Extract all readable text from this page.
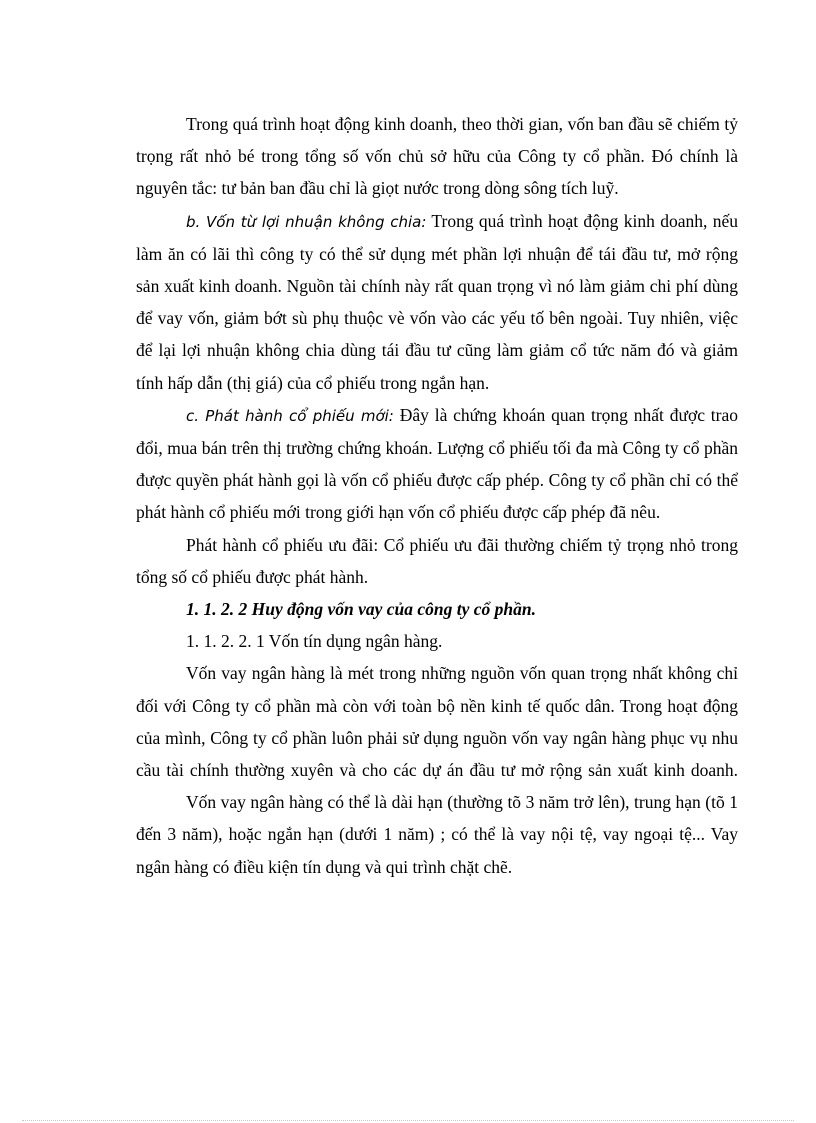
Trong quá trình hoạt động kinh doanh, theo thời gian, vốn ban đầu sẽ chiếm tỷ trọng rất nhỏ bé trong tổng số vốn chủ sở hữu của Công ty cổ phần. Đó chính là nguyên tắc: tư bản ban đầu chỉ là giọt nước trong dòng sông tích luỹ.

b. Vốn từ lợi nhuận không chia: Trong quá trình hoạt động kinh doanh, nếu làm ăn có lãi thì công ty có thể sử dụng mét phần lợi nhuận để tái đầu tư, mở rộng sản xuất kinh doanh. Nguồn tài chính này rất quan trọng vì nó làm giảm chi phí dùng để vay vốn, giảm bớt sù phụ thuộc vè vốn vào các yếu tố bên ngoài. Tuy nhiên, việc để lại lợi nhuận không chia dùng tái đầu tư cũng làm giảm cổ tức năm đó và giảm tính hấp dẫn (thị giá) của cổ phiếu trong ngắn hạn.

c. Phát hành cổ phiếu mới: Đây là chứng khoán quan trọng nhất được trao đổi, mua bán trên thị trường chứng khoán. Lượng cổ phiếu tối đa mà Công ty cổ phần được quyền phát hành gọi là vốn cổ phiếu được cấp phép. Công ty cổ phần chỉ có thể phát hành cổ phiếu mới trong giới hạn vốn cổ phiếu được cấp phép đã nêu.

Phát hành cổ phiếu ưu đãi: Cổ phiếu ưu đãi thường chiếm tỷ trọng nhỏ trong tổng số cổ phiếu được phát hành.

1. 1. 2. 2 Huy động vốn vay của công ty cổ phần.

1. 1. 2. 2. 1 Vốn tín dụng ngân hàng.

Vốn vay ngân hàng là mét trong những nguồn vốn quan trọng nhất không chỉ đối với Công ty cổ phần mà còn với toàn bộ nền kinh tế quốc dân. Trong hoạt động của mình, Công ty cổ phần luôn phải sử dụng nguồn vốn vay ngân hàng phục vụ nhu cầu tài chính thường xuyên và cho các dự án đầu tư mở rộng sản xuất kinh doanh.

Vốn vay ngân hàng có thể là dài hạn (thường tõ 3 năm trở lên), trung hạn (tõ 1 đến 3 năm), hoặc ngắn hạn (dưới 1 năm) ; có thể là vay nội tệ, vay ngoại tệ... Vay ngân hàng có điều kiện tín dụng và qui trình chặt chẽ.
